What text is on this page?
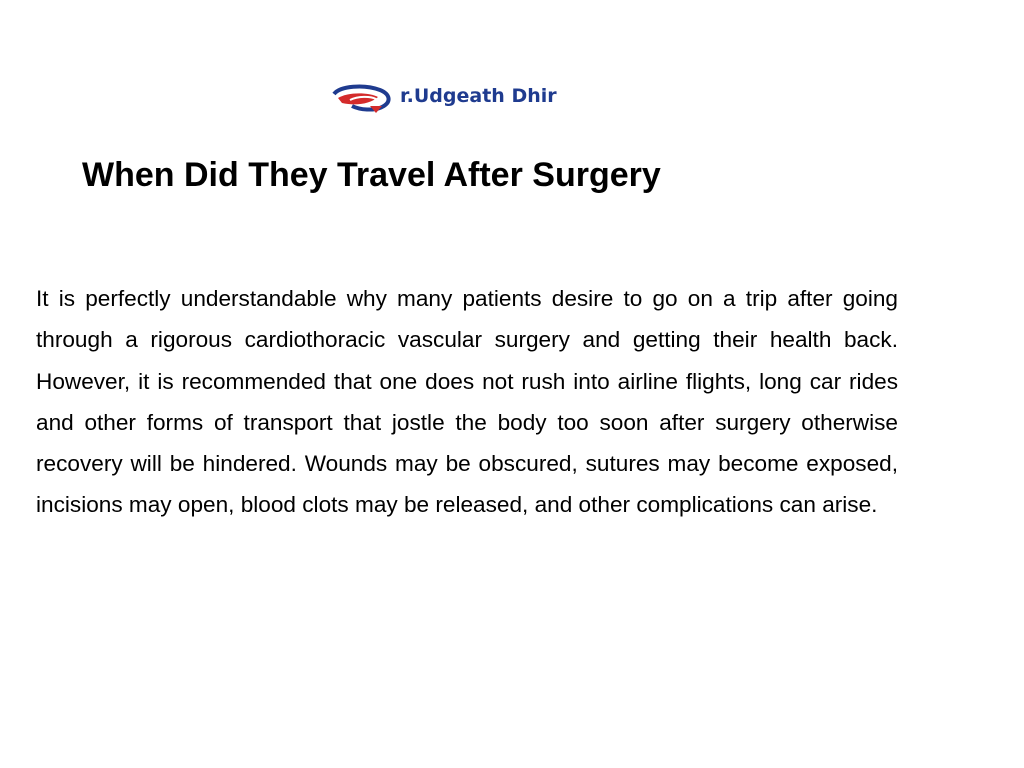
r.Udgeath Dhir
When Did They Travel After Surgery

It is perfectly understandable why many patients desire to go on a trip after going through a rigorous cardiothoracic vascular surgery and getting their health back. However, it is recommended that one does not rush into airline flights, long car rides and other forms of transport that jostle the body too soon after surgery otherwise recovery will be hindered. Wounds may be obscured, sutures may become exposed, incisions may open, blood clots may be released, and other complications can arise.
